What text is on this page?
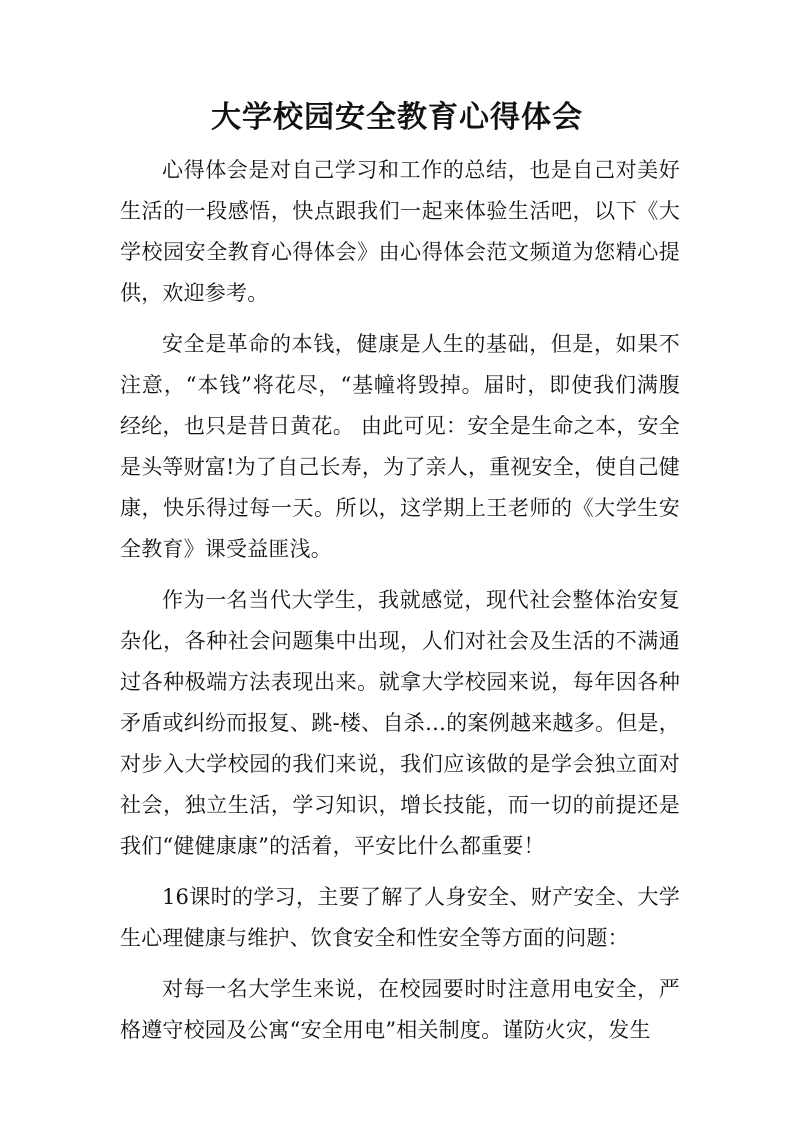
大学校园安全教育心得体会

心得体会是对自己学习和工作的总结，也是自己对美好生活的一段感悟，快点跟我们一起来体验生活吧，以下《大学校园安全教育心得体会》由心得体会范文频道为您精心提供，欢迎参考。

安全是革命的本钱，健康是人生的基础，但是，如果不注意，“本钱”将花尽，“基幢将毁掉。届时，即使我们满腹经纶，也只是昔日黄花。 由此可见：安全是生命之本，安全是头等财富!为了自己长寿，为了亲人，重视安全，使自己健康，快乐得过每一天。所以，这学期上王老师的《大学生安全教育》课受益匪浅。

作为一名当代大学生，我就感觉，现代社会整体治安复杂化，各种社会问题集中出现，人们对社会及生活的不满通过各种极端方法表现出来。就拿大学校园来说，每年因各种矛盾或纠纷而报复、跳-楼、自杀…的案例越来越多。但是，对步入大学校园的我们来说，我们应该做的是学会独立面对社会，独立生活，学习知识，增长技能，而一切的前提还是我们“健健康康”的活着，平安比什么都重要！

16课时的学习，主要了解了人身安全、财产安全、大学生心理健康与维护、饮食安全和性安全等方面的问题：

对每一名大学生来说，在校园要时时注意用电安全，严格遵守校园及公寓“安全用电”相关制度。谨防火灾，发生
